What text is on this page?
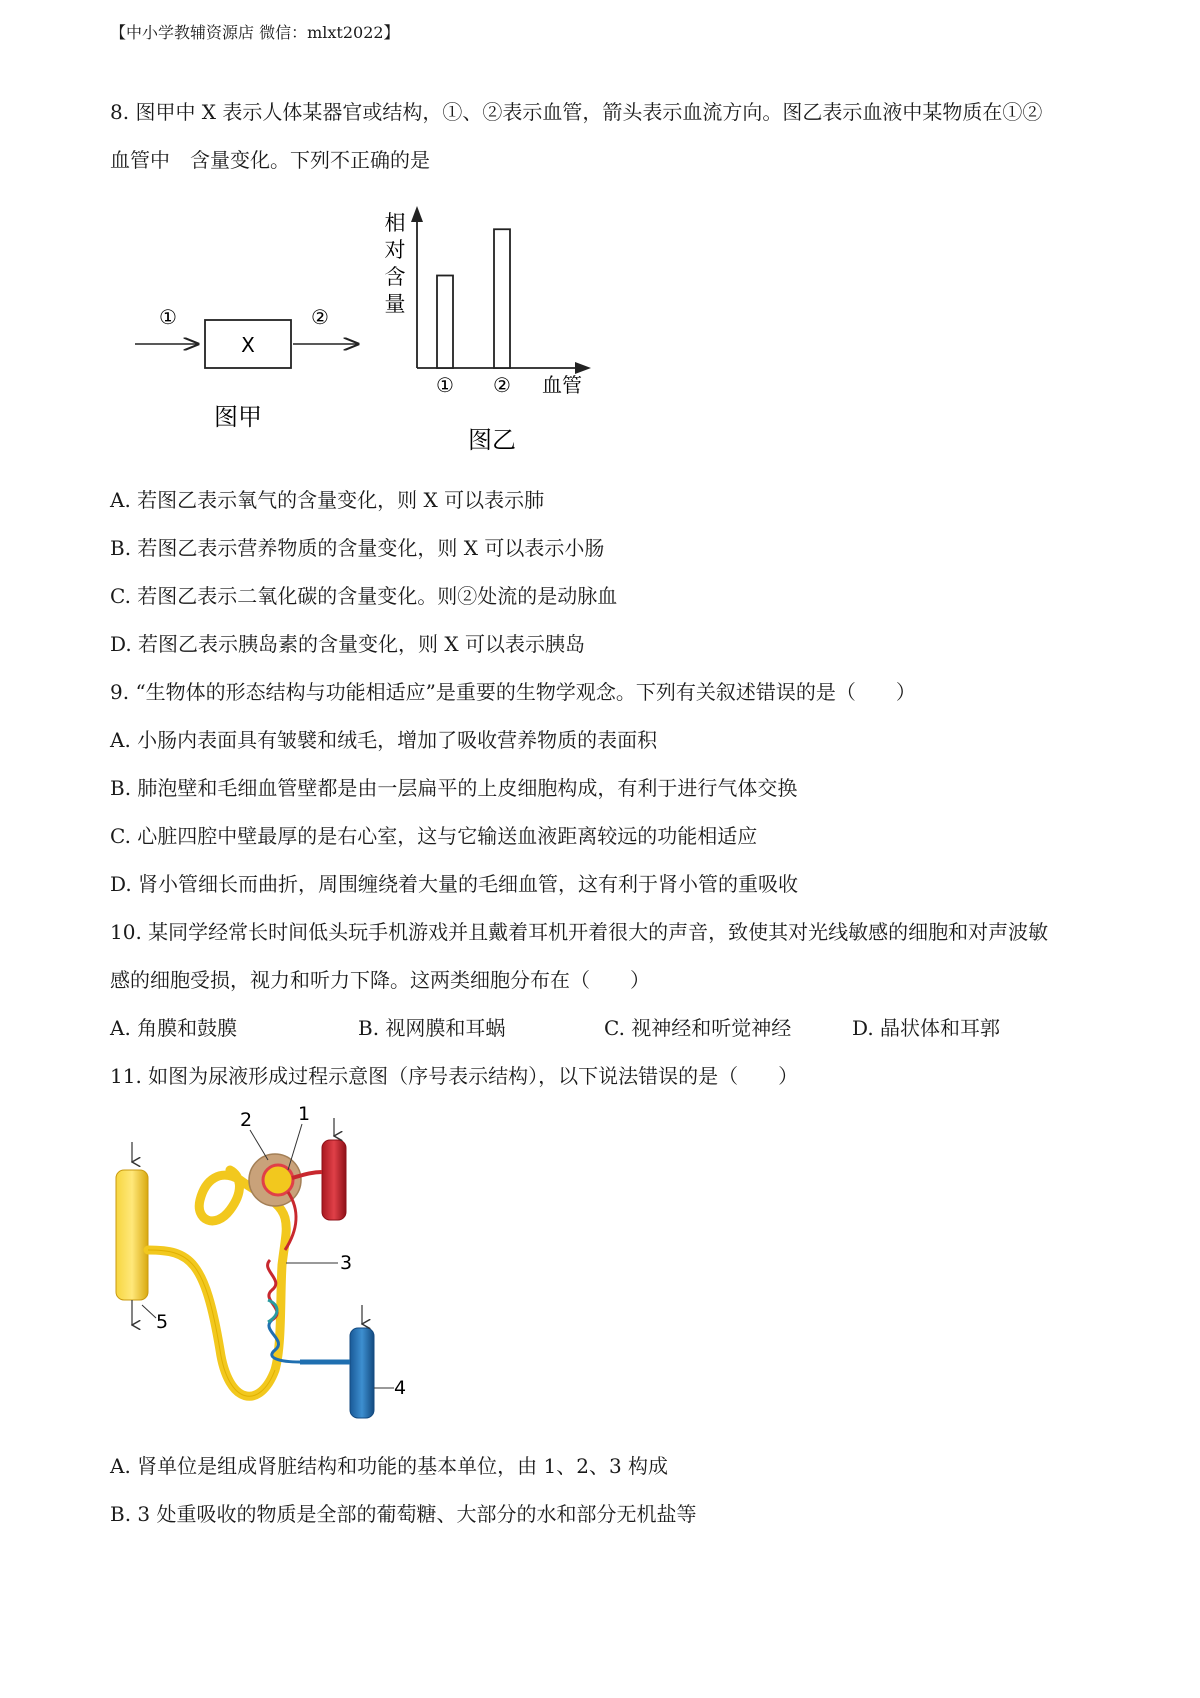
【中小学教辅资源店 微信：mlxt2022】
8. 图甲中 X 表示人体某器官或结构，①、②表示血管，箭头表示血流方向。图乙表示血液中某物质在①②
血管中　含量变化。下列不正确的是
①
X
②
图甲
相
对
含
量
① ② 血管
图乙
A. 若图乙表示氧气的含量变化，则 X 可以表示肺
B. 若图乙表示营养物质的含量变化，则 X 可以表示小肠
C. 若图乙表示二氧化碳的含量变化。则②处流的是动脉血
D. 若图乙表示胰岛素的含量变化，则 X 可以表示胰岛
9. “生物体的形态结构与功能相适应”是重要的生物学观念。下列有关叙述错误的是（　　）
A. 小肠内表面具有皱襞和绒毛，增加了吸收营养物质的表面积
B. 肺泡壁和毛细血管壁都是由一层扁平的上皮细胞构成，有利于进行气体交换
C. 心脏四腔中壁最厚的是右心室，这与它输送血液距离较远的功能相适应
D. 肾小管细长而曲折，周围缠绕着大量的毛细血管，这有利于肾小管的重吸收
10. 某同学经常长时间低头玩手机游戏并且戴着耳机开着很大的声音，致使其对光线敏感的细胞和对声波敏
感的细胞受损，视力和听力下降。这两类细胞分布在（　　）
A. 角膜和鼓膜	B. 视网膜和耳蜗	C. 视神经和听觉神经	D. 晶状体和耳郭
11. 如图为尿液形成过程示意图（序号表示结构），以下说法错误的是（　　）
2 1
3
4
5
A. 肾单位是组成肾脏结构和功能的基本单位，由 1、2、3 构成
B. 3 处重吸收的物质是全部的葡萄糖、大部分的水和部分无机盐等
